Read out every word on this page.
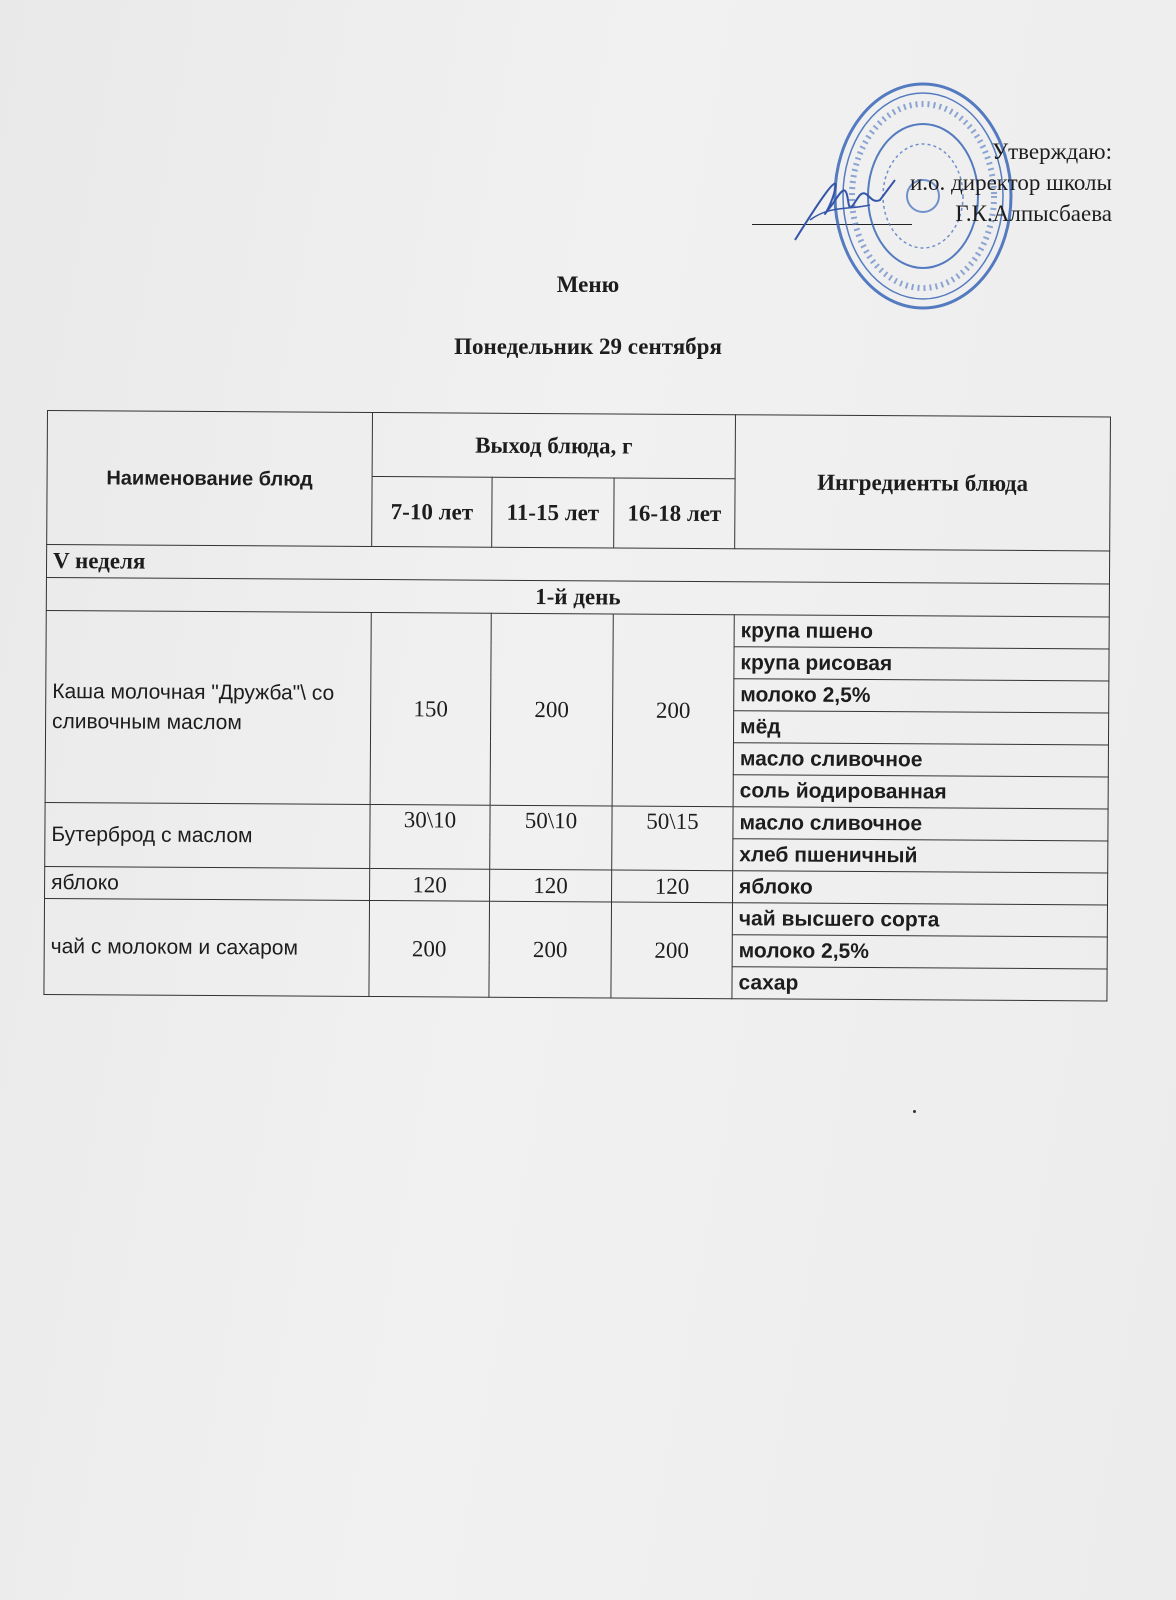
Утверждаю:
и.о. директор школы
Г.К.Алпысбаева
Меню
Понедельник 29 сентября
Наименование блюд	Выход блюда, г			Ингредиенты блюда
	7-10 лет	11-15 лет	16-18 лет	
V неделя				
1-й день				
Каша молочная "Дружба"\ со сливочным маслом	150	200	200	крупа пшено
				крупа рисовая
				молоко 2,5%
				мёд
				масло сливочное
				соль йодированная
Бутерброд с маслом	30\10	50\10	50\15	масло сливочное
				хлеб пшеничный
яблоко	120	120	120	яблоко
чай с молоком и сахаром	200	200	200	чай высшего сорта
				молоко 2,5%
				сахар
